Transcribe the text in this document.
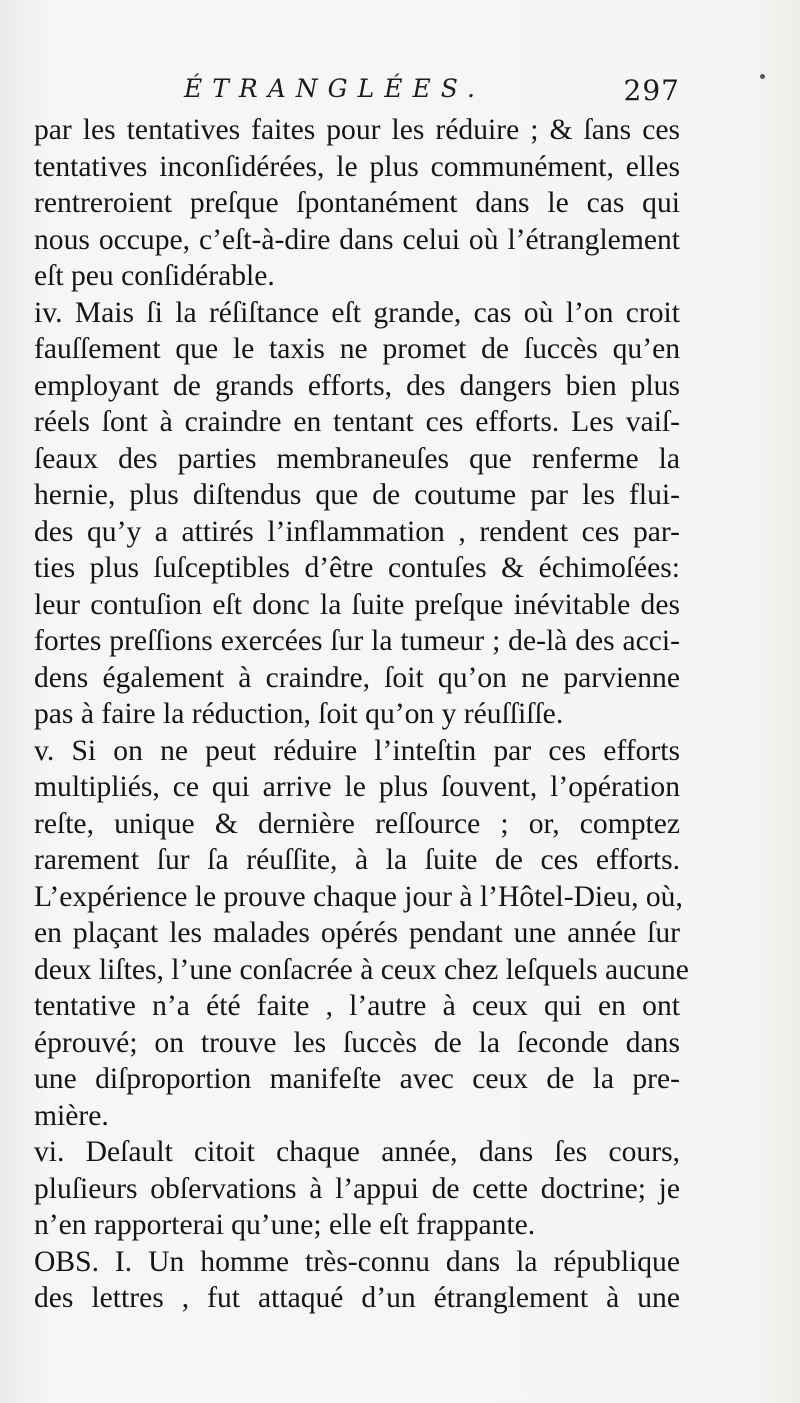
ÉTRANGLÉES.	297
par les tentatives faites pour les réduire ; & ſans ces
tentatives inconſidérées, le plus communément, elles
rentreroient preſque ſpontanément dans le cas qui
nous occupe, c’eſt-à-dire dans celui où l’étranglement
eſt peu conſidérable.
iv. Mais ſi la réſiſtance eſt grande, cas où l’on croit
fauſſement que le taxis ne promet de ſuccès qu’en
employant de grands efforts, des dangers bien plus
réels ſont à craindre en tentant ces efforts. Les vaiſ-
ſeaux des parties membraneuſes que renferme la
hernie, plus diſtendus que de coutume par les flui-
des qu’y a attirés l’inflammation , rendent ces par-
ties plus ſuſceptibles d’être contuſes & échimoſées:
leur contuſion eſt donc la ſuite preſque inévitable des
fortes preſſions exercées ſur la tumeur ; de-là des acci-
dens également à craindre, ſoit qu’on ne parvienne
pas à faire la réduction, ſoit qu’on y réuſſiſſe.
v. Si on ne peut réduire l’inteſtin par ces efforts
multipliés, ce qui arrive le plus ſouvent, l’opération
reſte, unique & dernière reſſource ; or, comptez
rarement ſur ſa réuſſite, à la ſuite de ces efforts.
L’expérience le prouve chaque jour à l’Hôtel-Dieu, où,
en plaçant les malades opérés pendant une année ſur
deux liſtes, l’une conſacrée à ceux chez leſquels aucune
tentative n’a été faite , l’autre à ceux qui en ont
éprouvé; on trouve les ſuccès de la ſeconde dans
une diſproportion manifeſte avec ceux de la pre-
mière.
vi. Deſault citoit chaque année, dans ſes cours,
pluſieurs obſervations à l’appui de cette doctrine; je
n’en rapporterai qu’une; elle eſt frappante.
OBS. I. Un homme très-connu dans la république
des lettres , fut attaqué d’un étranglement à une
